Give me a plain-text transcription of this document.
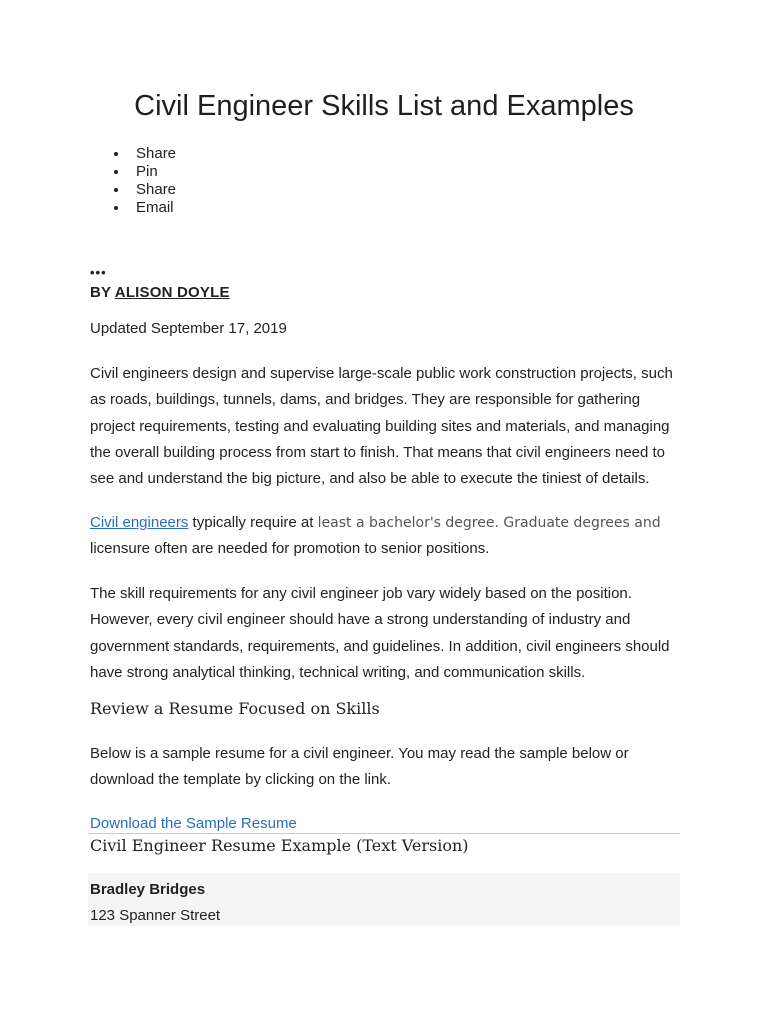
Civil Engineer Skills List and Examples
Share
Pin
Share
Email
•••
BY ALISON DOYLE
Updated September 17, 2019

Civil engineers design and supervise large-scale public work construction projects, such as roads, buildings, tunnels, dams, and bridges. They are responsible for gathering project requirements, testing and evaluating building sites and materials, and managing the overall building process from start to finish. That means that civil engineers need to see and understand the big picture, and also be able to execute the tiniest of details.

Civil engineers typically require at least a bachelor's degree. Graduate degrees and licensure often are needed for promotion to senior positions.

The skill requirements for any civil engineer job vary widely based on the position. However, every civil engineer should have a strong understanding of industry and government standards, requirements, and guidelines. In addition, civil engineers should have strong analytical thinking, technical writing, and communication skills.

Review a Resume Focused on Skills

Below is a sample resume for a civil engineer. You may read the sample below or download the template by clicking on the link.

Download the Sample Resume
Civil Engineer Resume Example (Text Version)
Bradley Bridges
123 Spanner Street
